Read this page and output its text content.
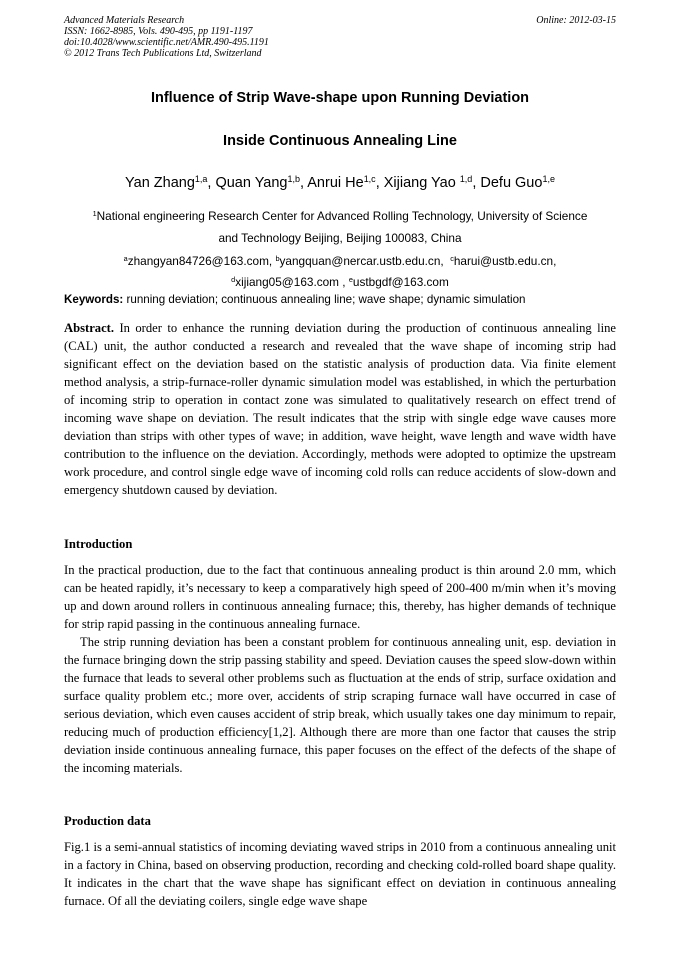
Advanced Materials Research
ISSN: 1662-8985, Vols. 490-495, pp 1191-1197
doi:10.4028/www.scientific.net/AMR.490-495.1191
© 2012 Trans Tech Publications Ltd, Switzerland
Online: 2012-03-15
Influence of Strip Wave-shape upon Running Deviation
Inside Continuous Annealing Line
Yan Zhang$^{1,a}$, Quan Yang$^{1,b}$, Anrui He$^{1,c}$, Xijiang Yao $^{1,d}$, Defu Guo$^{1,e}$
$^1$National engineering Research Center for Advanced Rolling Technology, University of Science
and Technology Beijing, Beijing 100083, China
$^a$zhangyan84726@163.com, $^b$yangquan@nercar.ustb.edu.cn, $^c$harui@ustb.edu.cn,
$^d$xijiang05@163.com , $^e$ustbgdf@163.com
Keywords: running deviation; continuous annealing line; wave shape; dynamic simulation

Abstract. In order to enhance the running deviation during the production of continuous annealing line (CAL) unit, the author conducted a research and revealed that the wave shape of incoming strip had significant effect on the deviation based on the statistic analysis of production data. Via finite element method analysis, a strip-furnace-roller dynamic simulation model was established, in which the perturbation of incoming strip to operation in contact zone was simulated to qualitatively research on effect trend of incoming wave shape on deviation. The result indicates that the strip with single edge wave causes more deviation than strips with other types of wave; in addition, wave height, wave length and wave width have contribution to the influence on the deviation. Accordingly, methods were adopted to optimize the upstream work procedure, and control single edge wave of incoming cold rolls can reduce accidents of slow-down and emergency shutdown caused by deviation.

Introduction

In the practical production, due to the fact that continuous annealing product is thin around 2.0 mm, which can be heated rapidly, it’s necessary to keep a comparatively high speed of 200-400 m/min when it’s moving up and down around rollers in continuous annealing furnace; this, thereby, has higher demands of technique for strip rapid passing in the continuous annealing furnace.

The strip running deviation has been a constant problem for continuous annealing unit, esp. deviation in the furnace bringing down the strip passing stability and speed. Deviation causes the speed slow-down within the furnace that leads to several other problems such as fluctuation at the ends of strip, surface oxidation and surface quality problem etc.; more over, accidents of strip scraping furnace wall have occurred in case of serious deviation, which even causes accident of strip break, which usually takes one day minimum to repair, reducing much of production efficiency[1,2]. Although there are more than one factor that causes the strip deviation inside continuous annealing furnace, this paper focuses on the effect of the defects of the shape of the incoming materials.

Production data

Fig.1 is a semi-annual statistics of incoming deviating waved strips in 2010 from a continuous annealing unit in a factory in China, based on observing production, recording and checking cold-rolled board shape quality. It indicates in the chart that the wave shape has significant effect on deviation in continuous annealing furnace. Of all the deviating coilers, single edge wave shape
